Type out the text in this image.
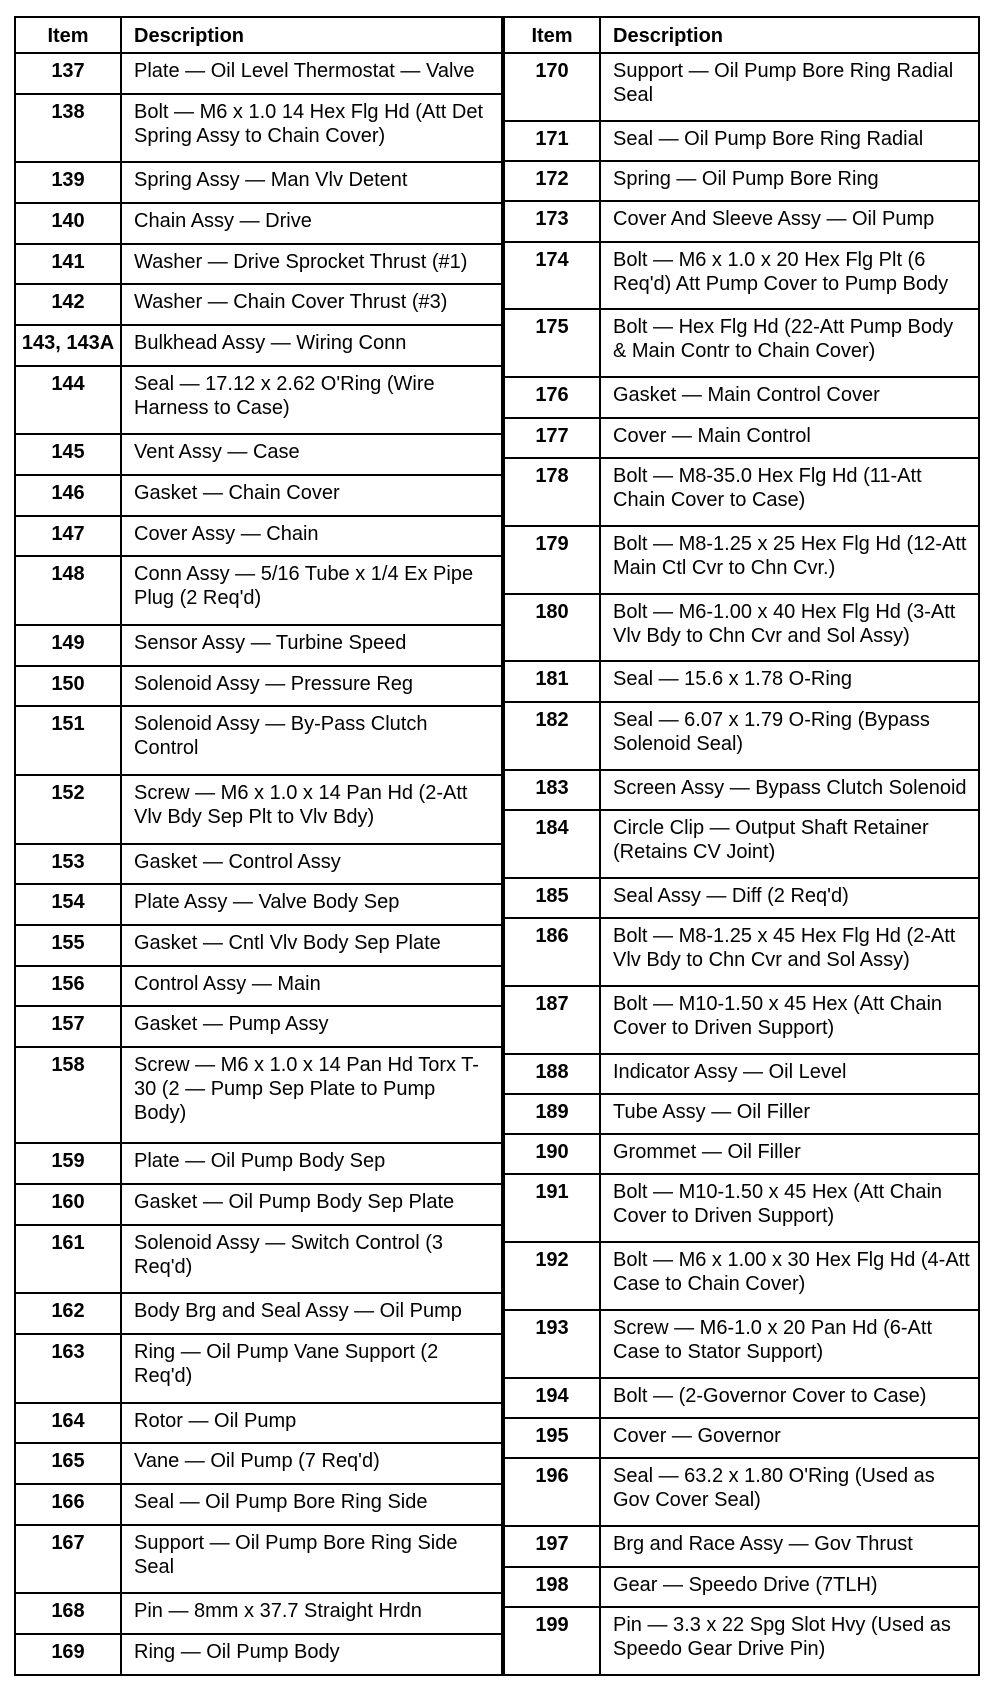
Item	Description
137	Plate — Oil Level Thermostat — Valve
138	Bolt — M6 x 1.0 14 Hex Flg Hd (Att Det Spring Assy to Chain Cover)
139	Spring Assy — Man Vlv Detent
140	Chain Assy — Drive
141	Washer — Drive Sprocket Thrust (#1)
142	Washer — Chain Cover Thrust (#3)
143, 143A	Bulkhead Assy — Wiring Conn
144	Seal — 17.12 x 2.62 O'Ring (Wire Harness to Case)
145	Vent Assy — Case
146	Gasket — Chain Cover
147	Cover Assy — Chain
148	Conn Assy — 5/16 Tube x 1/4 Ex Pipe Plug (2 Req'd)
149	Sensor Assy — Turbine Speed
150	Solenoid Assy — Pressure Reg
151	Solenoid Assy — By-Pass Clutch Control
152	Screw — M6 x 1.0 x 14 Pan Hd (2-Att Vlv Bdy Sep Plt to Vlv Bdy)
153	Gasket — Control Assy
154	Plate Assy — Valve Body Sep
155	Gasket — Cntl Vlv Body Sep Plate
156	Control Assy — Main
157	Gasket — Pump Assy
158	Screw — M6 x 1.0 x 14 Pan Hd Torx T-30 (2 — Pump Sep Plate to Pump Body)
159	Plate — Oil Pump Body Sep
160	Gasket — Oil Pump Body Sep Plate
161	Solenoid Assy — Switch Control (3 Req'd)
162	Body Brg and Seal Assy — Oil Pump
163	Ring — Oil Pump Vane Support (2 Req'd)
164	Rotor — Oil Pump
165	Vane — Oil Pump (7 Req'd)
166	Seal — Oil Pump Bore Ring Side
167	Support — Oil Pump Bore Ring Side Seal
168	Pin — 8mm x 37.7 Straight Hrdn
169	Ring — Oil Pump Body
Item	Description
170	Support — Oil Pump Bore Ring Radial Seal
171	Seal — Oil Pump Bore Ring Radial
172	Spring — Oil Pump Bore Ring
173	Cover And Sleeve Assy — Oil Pump
174	Bolt — M6 x 1.0 x 20 Hex Flg Plt (6 Req'd) Att Pump Cover to Pump Body
175	Bolt — Hex Flg Hd (22-Att Pump Body & Main Contr to Chain Cover)
176	Gasket — Main Control Cover
177	Cover — Main Control
178	Bolt — M8-35.0 Hex Flg Hd (11-Att Chain Cover to Case)
179	Bolt — M8-1.25 x 25 Hex Flg Hd (12-Att Main Ctl Cvr to Chn Cvr.)
180	Bolt — M6-1.00 x 40 Hex Flg Hd (3-Att Vlv Bdy to Chn Cvr and Sol Assy)
181	Seal — 15.6 x 1.78 O-Ring
182	Seal — 6.07 x 1.79 O-Ring (Bypass Solenoid Seal)
183	Screen Assy — Bypass Clutch Solenoid
184	Circle Clip — Output Shaft Retainer (Retains CV Joint)
185	Seal Assy — Diff (2 Req'd)
186	Bolt — M8-1.25 x 45 Hex Flg Hd (2-Att Vlv Bdy to Chn Cvr and Sol Assy)
187	Bolt — M10-1.50 x 45 Hex (Att Chain Cover to Driven Support)
188	Indicator Assy — Oil Level
189	Tube Assy — Oil Filler
190	Grommet — Oil Filler
191	Bolt — M10-1.50 x 45 Hex (Att Chain Cover to Driven Support)
192	Bolt — M6 x 1.00 x 30 Hex Flg Hd (4-Att Case to Chain Cover)
193	Screw — M6-1.0 x 20 Pan Hd (6-Att Case to Stator Support)
194	Bolt — (2-Governor Cover to Case)
195	Cover — Governor
196	Seal — 63.2 x 1.80 O'Ring (Used as Gov Cover Seal)
197	Brg and Race Assy — Gov Thrust
198	Gear — Speedo Drive (7TLH)
199	Pin — 3.3 x 22 Spg Slot Hvy (Used as Speedo Gear Drive Pin)
